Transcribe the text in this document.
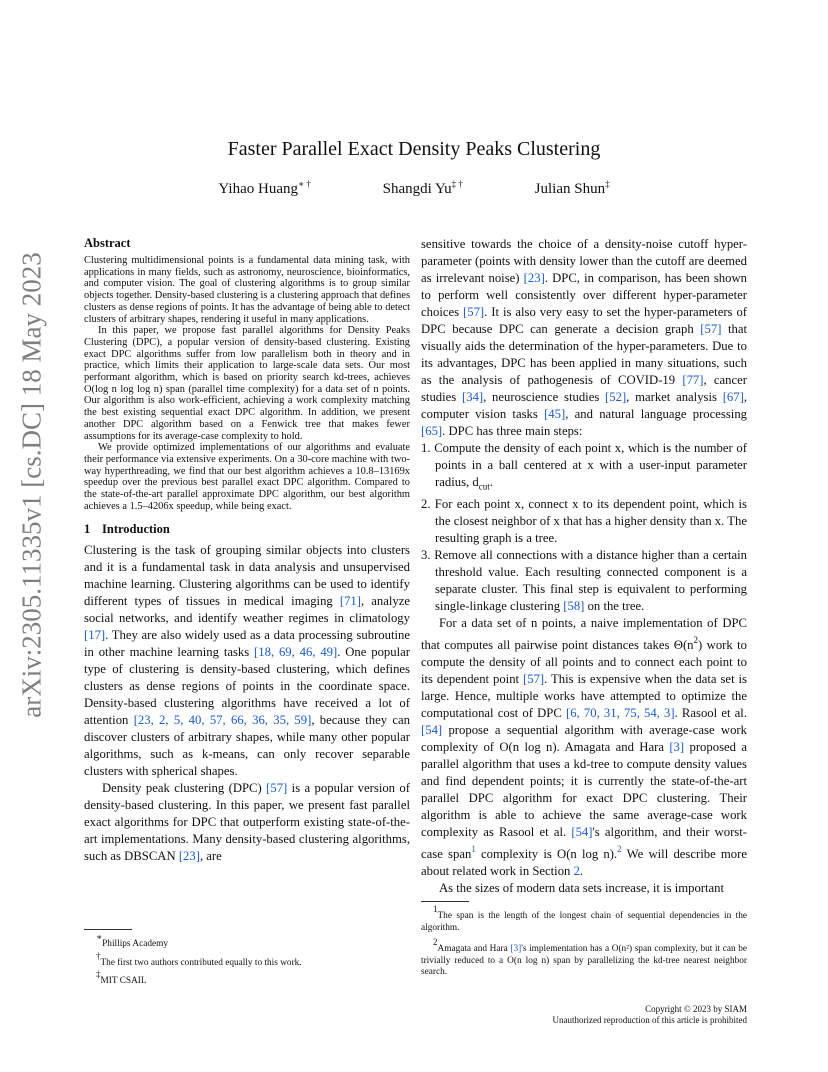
arXiv:2305.11335v1 [cs.DC] 18 May 2023
Faster Parallel Exact Density Peaks Clustering
Yihao Huang∗ †	Shangdi Yu‡ †	Julian Shun‡
Abstract

Clustering multidimensional points is a fundamental data mining task, with applications in many fields, such as astronomy, neuroscience, bioinformatics, and computer vision. The goal of clustering algorithms is to group similar objects together. Density-based clustering is a clustering approach that defines clusters as dense regions of points. It has the advantage of being able to detect clusters of arbitrary shapes, rendering it useful in many applications.

In this paper, we propose fast parallel algorithms for Density Peaks Clustering (DPC), a popular version of density-based clustering. Existing exact DPC algorithms suffer from low parallelism both in theory and in practice, which limits their application to large-scale data sets. Our most performant algorithm, which is based on priority search kd-trees, achieves O(log n log log n) span (parallel time complexity) for a data set of n points. Our algorithm is also work-efficient, achieving a work complexity matching the best existing sequential exact DPC algorithm. In addition, we present another DPC algorithm based on a Fenwick tree that makes fewer assumptions for its average-case complexity to hold.

We provide optimized implementations of our algorithms and evaluate their performance via extensive experiments. On a 30-core machine with two-way hyperthreading, we find that our best algorithm achieves a 10.8–13169x speedup over the previous best parallel exact DPC algorithm. Compared to the state-of-the-art parallel approximate DPC algorithm, our best algorithm achieves a 1.5–4206x speedup, while being exact.

1 Introduction

Clustering is the task of grouping similar objects into clusters and it is a fundamental task in data analysis and unsupervised machine learning. Clustering algorithms can be used to identify different types of tissues in medical imaging [71], analyze social networks, and identify weather regimes in climatology [17]. They are also widely used as a data processing subroutine in other machine learning tasks [18, 69, 46, 49]. One popular type of clustering is density-based clustering, which defines clusters as dense regions of points in the coordinate space. Density-based clustering algorithms have received a lot of attention [23, 2, 5, 40, 57, 66, 36, 35, 59], because they can discover clusters of arbitrary shapes, while many other popular algorithms, such as k-means, can only recover separable clusters with spherical shapes.

Density peak clustering (DPC) [57] is a popular version of density-based clustering. In this paper, we present fast parallel exact algorithms for DPC that outperform existing state-of-the-art implementations. Many density-based clustering algorithms, such as DBSCAN [23], are

sensitive towards the choice of a density-noise cutoff hyper-parameter (points with density lower than the cutoff are deemed as irrelevant noise) [23]. DPC, in comparison, has been shown to perform well consistently over different hyper-parameter choices [57]. It is also very easy to set the hyper-parameters of DPC because DPC can generate a decision graph [57] that visually aids the determination of the hyper-parameters. Due to its advantages, DPC has been applied in many situations, such as the analysis of pathogenesis of COVID-19 [77], cancer studies [34], neuroscience studies [52], market analysis [67], computer vision tasks [45], and natural language processing [65]. DPC has three main steps:

1. Compute the density of each point x, which is the number of points in a ball centered at x with a user-input parameter radius, $d_{cut}$.
2. For each point x, connect x to its dependent point, which is the closest neighbor of x that has a higher density than x. The resulting graph is a tree.
3. Remove all connections with a distance higher than a certain threshold value. Each resulting connected component is a separate cluster. This final step is equivalent to performing single-linkage clustering [58] on the tree.

For a data set of n points, a naive implementation of DPC that computes all pairwise point distances takes $\Theta(n^2)$ work to compute the density of all points and to connect each point to its dependent point [57]. This is expensive when the data set is large. Hence, multiple works have attempted to optimize the computational cost of DPC [6, 70, 31, 75, 54, 3]. Rasool et al. [54] propose a sequential algorithm with average-case work complexity of O(n log n). Amagata and Hara [3] proposed a parallel algorithm that uses a kd-tree to compute density values and find dependent points; it is currently the state-of-the-art parallel DPC algorithm for exact DPC clustering. Their algorithm is able to achieve the same average-case work complexity as Rasool et al. [54]'s algorithm, and their worst-case span$^1$ complexity is O(n log n).$^2$ We will describe more about related work in Section 2.

As the sizes of modern data sets increase, it is important

∗Phillips Academy
†The first two authors contributed equally to this work.
‡MIT CSAIL
$^1$The span is the length of the longest chain of sequential dependencies in the algorithm.
$^2$Amagata and Hara [3]'s implementation has a O(n²) span complexity, but it can be trivially reduced to a O(n log n) span by parallelizing the kd-tree nearest neighbor search.
Copyright © 2023 by SIAM
Unauthorized reproduction of this article is prohibited
